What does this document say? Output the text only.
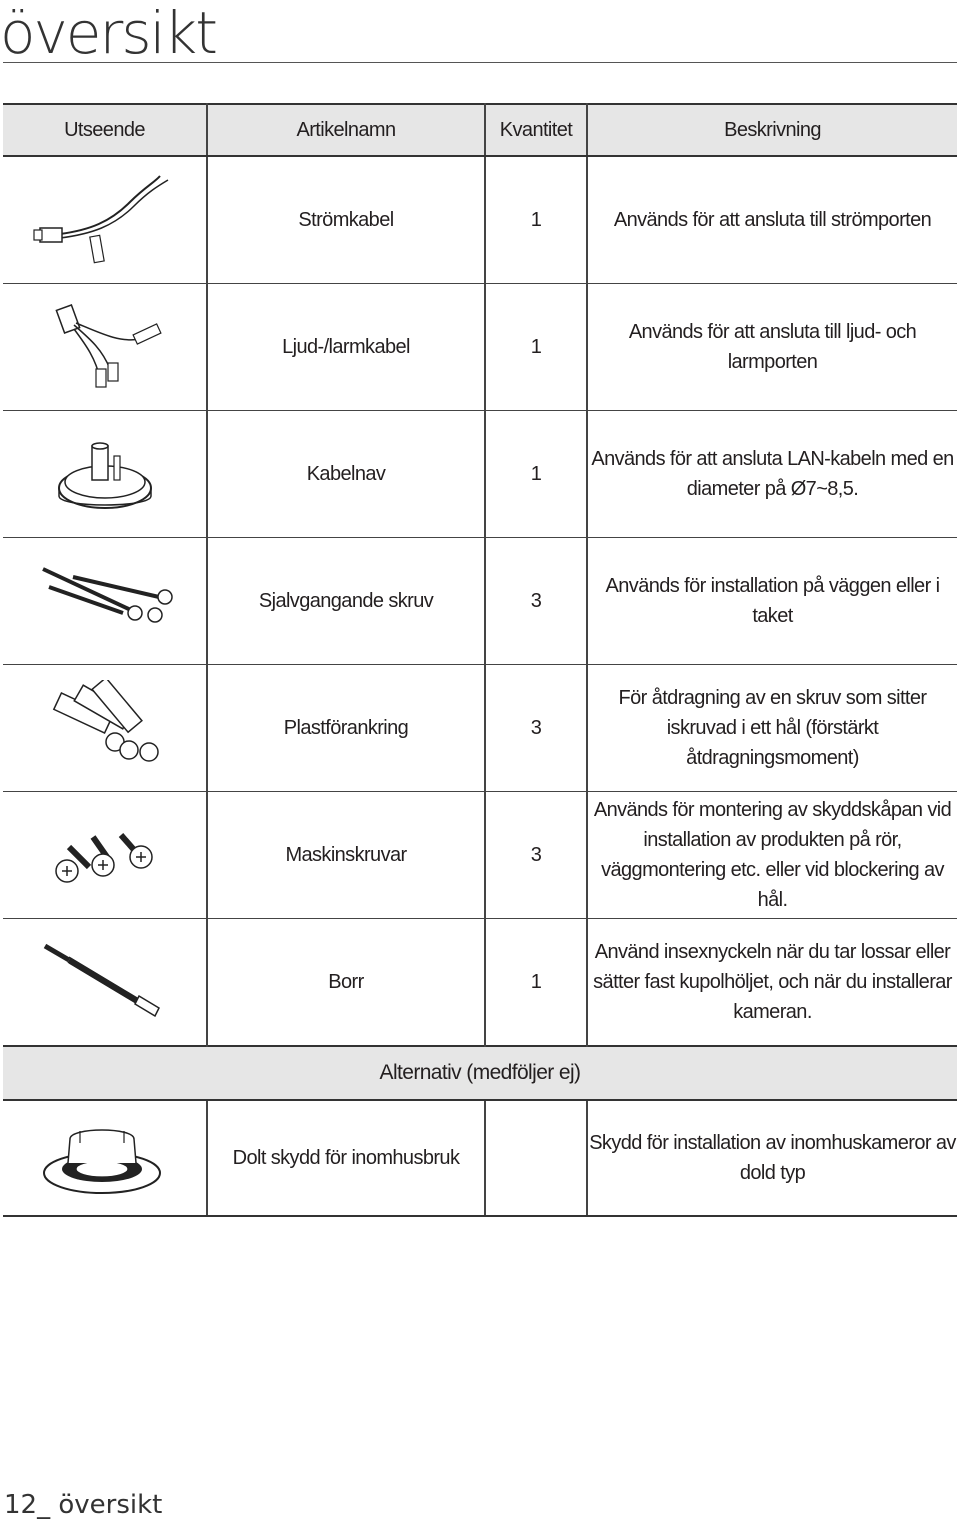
översikt
Utseende	Artikelnamn	Kvantitet	Beskrivning

	Strömkabel	1	Används för att ansluta till strömporten

	Ljud-/larmkabel	1	Används för att ansluta till ljud- och larmporten

	Kabelnav	1	Används för att ansluta LAN-kabeln med en diameter på Ø7~8,5.

	Sjalvgangande skruv	3	Används för installation på väggen eller i taket

	Plastförankring	3	För åtdragning av en skruv som sitter iskruvad i ett hål (förstärkt åtdragningsmoment)

	Maskinskruvar	3	Används för montering av skyddskåpan vid installation av produkten på rör, väggmontering etc. eller vid blockering av hål.

	Borr	1	Använd insexnyckeln när du tar lossar eller sätter fast kupolhöljet, och när du installerar kameran.
Alternativ (medföljer ej)			

	Dolt skydd för inomhusbruk		Skydd för installation av inomhuskameror av dold typ
12_ översikt
